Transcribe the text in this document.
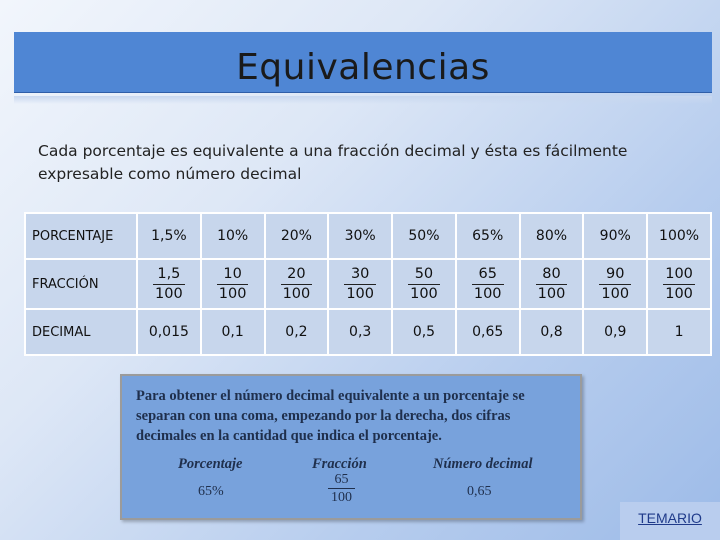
Equivalencias
Cada porcentaje es equivalente a una fracción decimal y ésta es fácilmente expresable como número decimal
PORCENTAJE	1,5%	10%	20%	30%	50%	65%	80%	90%	100%
FRACCIÓN	$\frac{1,5}{100}$	$\frac{10}{100}$	$\frac{20}{100}$	$\frac{30}{100}$	$\frac{50}{100}$	$\frac{65}{100}$	$\frac{80}{100}$	$\frac{90}{100}$	$\frac{100}{100}$

DECIMAL	0,015	0,1	0,2	0,3	0,5	0,65	0,8	0,9	1
Para obtener el número decimal equivalente a un porcentaje se separan con una coma, empezando por la derecha, dos cifras decimales en la cantidad que indica el porcentaje.
Porcentaje	Fracción	Número decimal
65%	$\frac{65}{100}$	0,65
TEMARIO
